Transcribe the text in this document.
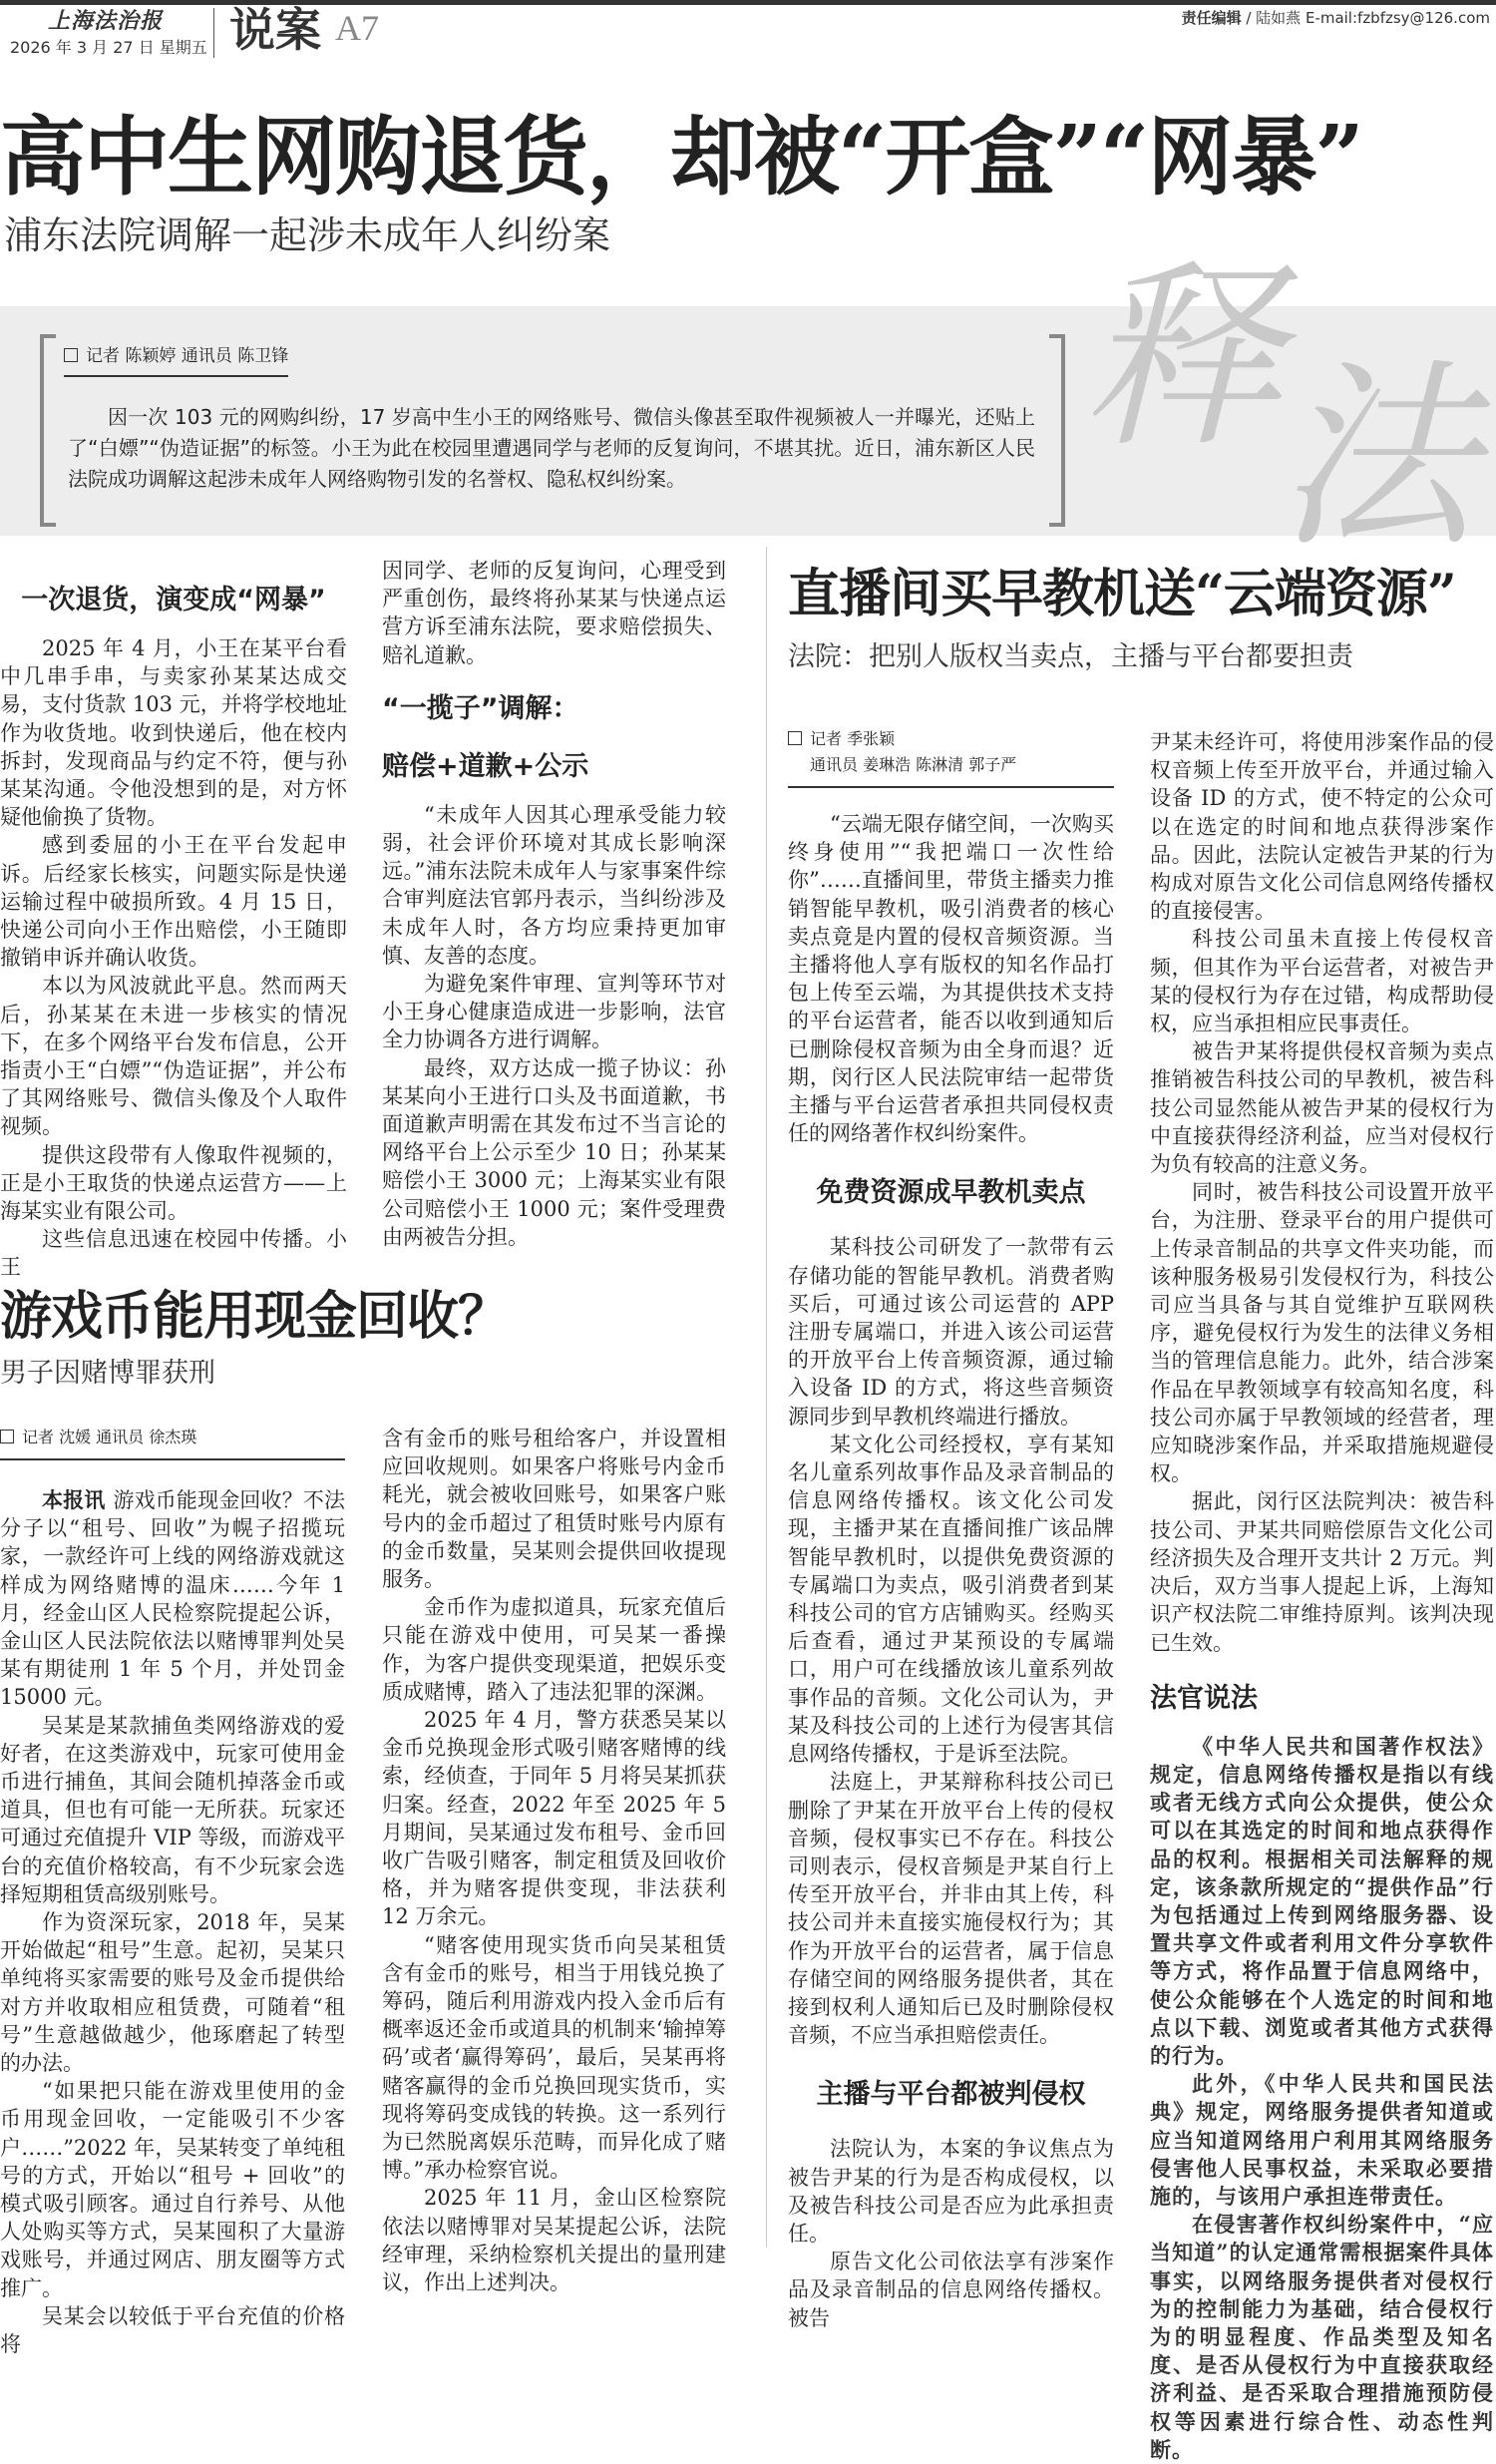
上海法治报
2026 年 3 月 27 日 星期五 说案 A7	责任编辑 / 陆如燕 E-mail:fzbfzsy@126.com
高中生网购退货，却被“开盒”“网暴”
浦东法院调解一起涉未成年人纠纷案
释
法
记者 陈颖婷 通讯员 陈卫锋
因一次 103 元的网购纠纷，17 岁高中生小王的网络账号、微信头像甚至取件视频被人一并曝光，还贴上了“白嫖”“伪造证据”的标签。小王为此在校园里遭遇同学与老师的反复询问，不堪其扰。近日，浦东新区人民法院成功调解这起涉未成年人网络购物引发的名誉权、隐私权纠纷案。
一次退货，演变成“网暴”

2025 年 4 月，小王在某平台看中几串手串，与卖家孙某某达成交易，支付货款 103 元，并将学校地址作为收货地。收到快递后，他在校内拆封，发现商品与约定不符，便与孙某某沟通。令他没想到的是，对方怀疑他偷换了货物。

感到委屈的小王在平台发起申诉。后经家长核实，问题实际是快递运输过程中破损所致。4 月 15 日，快递公司向小王作出赔偿，小王随即撤销申诉并确认收货。

本以为风波就此平息。然而两天后，孙某某在未进一步核实的情况下，在多个网络平台发布信息，公开指责小王“白嫖”“伪造证据”，并公布了其网络账号、微信头像及个人取件视频。

提供这段带有人像取件视频的，正是小王取货的快递点运营方——上海某实业有限公司。

这些信息迅速在校园中传播。小王

因同学、老师的反复询问，心理受到严重创伤，最终将孙某某与快递点运营方诉至浦东法院，要求赔偿损失、赔礼道歉。

“一揽子”调解：
赔偿+道歉+公示

“未成年人因其心理承受能力较弱，社会评价环境对其成长影响深远。”浦东法院未成年人与家事案件综合审判庭法官郭丹表示，当纠纷涉及未成年人时，各方均应秉持更加审慎、友善的态度。

为避免案件审理、宣判等环节对小王身心健康造成进一步影响，法官全力协调各方进行调解。

最终，双方达成一揽子协议：孙某某向小王进行口头及书面道歉，书面道歉声明需在其发布过不当言论的网络平台上公示至少 10 日；孙某某赔偿小王 3000 元；上海某实业有限公司赔偿小王 1000 元；案件受理费由两被告分担。

直播间买早教机送“云端资源”
法院：把别人版权当卖点，主播与平台都要担责
记者 季张颖
通讯员 姜琳浩 陈淋清 郭子严

“云端无限存储空间，一次购买终身使用”“我把端口一次性给你”……直播间里，带货主播卖力推销智能早教机，吸引消费者的核心卖点竟是内置的侵权音频资源。当主播将他人享有版权的知名作品打包上传至云端，为其提供技术支持的平台运营者，能否以收到通知后已删除侵权音频为由全身而退？近期，闵行区人民法院审结一起带货主播与平台运营者承担共同侵权责任的网络著作权纠纷案件。

免费资源成早教机卖点

某科技公司研发了一款带有云存储功能的智能早教机。消费者购买后，可通过该公司运营的 APP 注册专属端口，并进入该公司运营的开放平台上传音频资源，通过输入设备 ID 的方式，将这些音频资源同步到早教机终端进行播放。

某文化公司经授权，享有某知名儿童系列故事作品及录音制品的信息网络传播权。该文化公司发现，主播尹某在直播间推广该品牌智能早教机时，以提供免费资源的专属端口为卖点，吸引消费者到某科技公司的官方店铺购买。经购买后查看，通过尹某预设的专属端口，用户可在线播放该儿童系列故事作品的音频。文化公司认为，尹某及科技公司的上述行为侵害其信息网络传播权，于是诉至法院。

法庭上，尹某辩称科技公司已删除了尹某在开放平台上传的侵权音频，侵权事实已不存在。科技公司则表示，侵权音频是尹某自行上传至开放平台，并非由其上传，科技公司并未直接实施侵权行为；其作为开放平台的运营者，属于信息存储空间的网络服务提供者，其在接到权利人通知后已及时删除侵权音频，不应当承担赔偿责任。

主播与平台都被判侵权

法院认为，本案的争议焦点为被告尹某的行为是否构成侵权，以及被告科技公司是否应为此承担责任。

原告文化公司依法享有涉案作品及录音制品的信息网络传播权。被告

尹某未经许可，将使用涉案作品的侵权音频上传至开放平台，并通过输入设备 ID 的方式，使不特定的公众可以在选定的时间和地点获得涉案作品。因此，法院认定被告尹某的行为构成对原告文化公司信息网络传播权的直接侵害。

科技公司虽未直接上传侵权音频，但其作为平台运营者，对被告尹某的侵权行为存在过错，构成帮助侵权，应当承担相应民事责任。

被告尹某将提供侵权音频为卖点推销被告科技公司的早教机，被告科技公司显然能从被告尹某的侵权行为中直接获得经济利益，应当对侵权行为负有较高的注意义务。

同时，被告科技公司设置开放平台，为注册、登录平台的用户提供可上传录音制品的共享文件夹功能，而该种服务极易引发侵权行为，科技公司应当具备与其自觉维护互联网秩序，避免侵权行为发生的法律义务相当的管理信息能力。此外，结合涉案作品在早教领域享有较高知名度，科技公司亦属于早教领域的经营者，理应知晓涉案作品，并采取措施规避侵权。

据此，闵行区法院判决：被告科技公司、尹某共同赔偿原告文化公司经济损失及合理开支共计 2 万元。判决后，双方当事人提起上诉，上海知识产权法院二审维持原判。该判决现已生效。

法官说法

《中华人民共和国著作权法》规定，信息网络传播权是指以有线或者无线方式向公众提供，使公众可以在其选定的时间和地点获得作品的权利。根据相关司法解释的规定，该条款所规定的“提供作品”行为包括通过上传到网络服务器、设置共享文件或者利用文件分享软件等方式，将作品置于信息网络中，使公众能够在个人选定的时间和地点以下载、浏览或者其他方式获得的行为。

此外，《中华人民共和国民法典》规定，网络服务提供者知道或应当知道网络用户利用其网络服务侵害他人民事权益，未采取必要措施的，与该用户承担连带责任。

在侵害著作权纠纷案件中，“应当知道”的认定通常需根据案件具体事实，以网络服务提供者对侵权行为的控制能力为基础，结合侵权行为的明显程度、作品类型及知名度、是否从侵权行为中直接获取经济利益、是否采取合理措施预防侵权等因素进行综合性、动态性判断。

游戏币能用现金回收？
男子因赌博罪获刑
记者 沈媛 通讯员 徐杰瑛

本报讯 游戏币能现金回收？不法分子以“租号、回收”为幌子招揽玩家，一款经许可上线的网络游戏就这样成为网络赌博的温床……今年 1 月，经金山区人民检察院提起公诉，金山区人民法院依法以赌博罪判处吴某有期徒刑 1 年 5 个月，并处罚金 15000 元。

吴某是某款捕鱼类网络游戏的爱好者，在这类游戏中，玩家可使用金币进行捕鱼，其间会随机掉落金币或道具，但也有可能一无所获。玩家还可通过充值提升 VIP 等级，而游戏平台的充值价格较高，有不少玩家会选择短期租赁高级别账号。

作为资深玩家，2018 年，吴某开始做起“租号”生意。起初，吴某只单纯将买家需要的账号及金币提供给对方并收取相应租赁费，可随着“租号”生意越做越少，他琢磨起了转型的办法。

“如果把只能在游戏里使用的金币用现金回收，一定能吸引不少客户……”2022 年，吴某转变了单纯租号的方式，开始以“租号 + 回收”的模式吸引顾客。通过自行养号、从他人处购买等方式，吴某囤积了大量游戏账号，并通过网店、朋友圈等方式推广。

吴某会以较低于平台充值的价格将

含有金币的账号租给客户，并设置相应回收规则。如果客户将账号内金币耗光，就会被收回账号，如果客户账号内的金币超过了租赁时账号内原有的金币数量，吴某则会提供回收提现服务。

金币作为虚拟道具，玩家充值后只能在游戏中使用，可吴某一番操作，为客户提供变现渠道，把娱乐变质成赌博，踏入了违法犯罪的深渊。

2025 年 4 月，警方获悉吴某以金币兑换现金形式吸引赌客赌博的线索，经侦查，于同年 5 月将吴某抓获归案。经查，2022 年至 2025 年 5 月期间，吴某通过发布租号、金币回收广告吸引赌客，制定租赁及回收价格，并为赌客提供变现，非法获利 12 万余元。

“赌客使用现实货币向吴某租赁含有金币的账号，相当于用钱兑换了筹码，随后利用游戏内投入金币后有概率返还金币或道具的机制来‘输掉筹码’或者‘赢得筹码’，最后，吴某再将赌客赢得的金币兑换回现实货币，实现将筹码变成钱的转换。这一系列行为已然脱离娱乐范畴，而异化成了赌博。”承办检察官说。

2025 年 11 月，金山区检察院依法以赌博罪对吴某提起公诉，法院经审理，采纳检察机关提出的量刑建议，作出上述判决。
